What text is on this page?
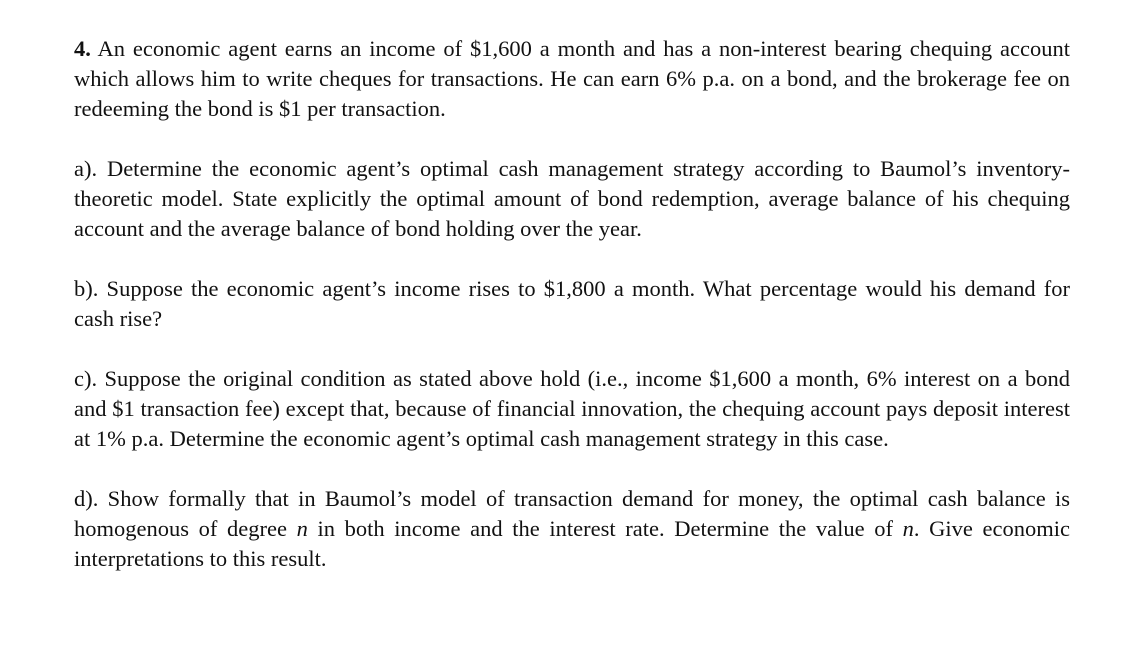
4. An economic agent earns an income of $1,600 a month and has a non-interest bearing chequing account which allows him to write cheques for transactions. He can earn 6% p.a. on a bond, and the brokerage fee on redeeming the bond is $1 per transaction.

a). Determine the economic agent’s optimal cash management strategy according to Baumol’s inventory-theoretic model. State explicitly the optimal amount of bond redemption, average balance of his chequing account and the average balance of bond holding over the year.

b). Suppose the economic agent’s income rises to $1,800 a month. What percentage would his demand for cash rise?

c). Suppose the original condition as stated above hold (i.e., income $1,600 a month, 6% interest on a bond and $1 transaction fee) except that, because of financial innovation, the chequing account pays deposit interest at 1% p.a. Determine the economic agent’s optimal cash management strategy in this case.

d). Show formally that in Baumol’s model of transaction demand for money, the optimal cash balance is homogenous of degree n in both income and the interest rate. Determine the value of n. Give economic interpretations to this result.
